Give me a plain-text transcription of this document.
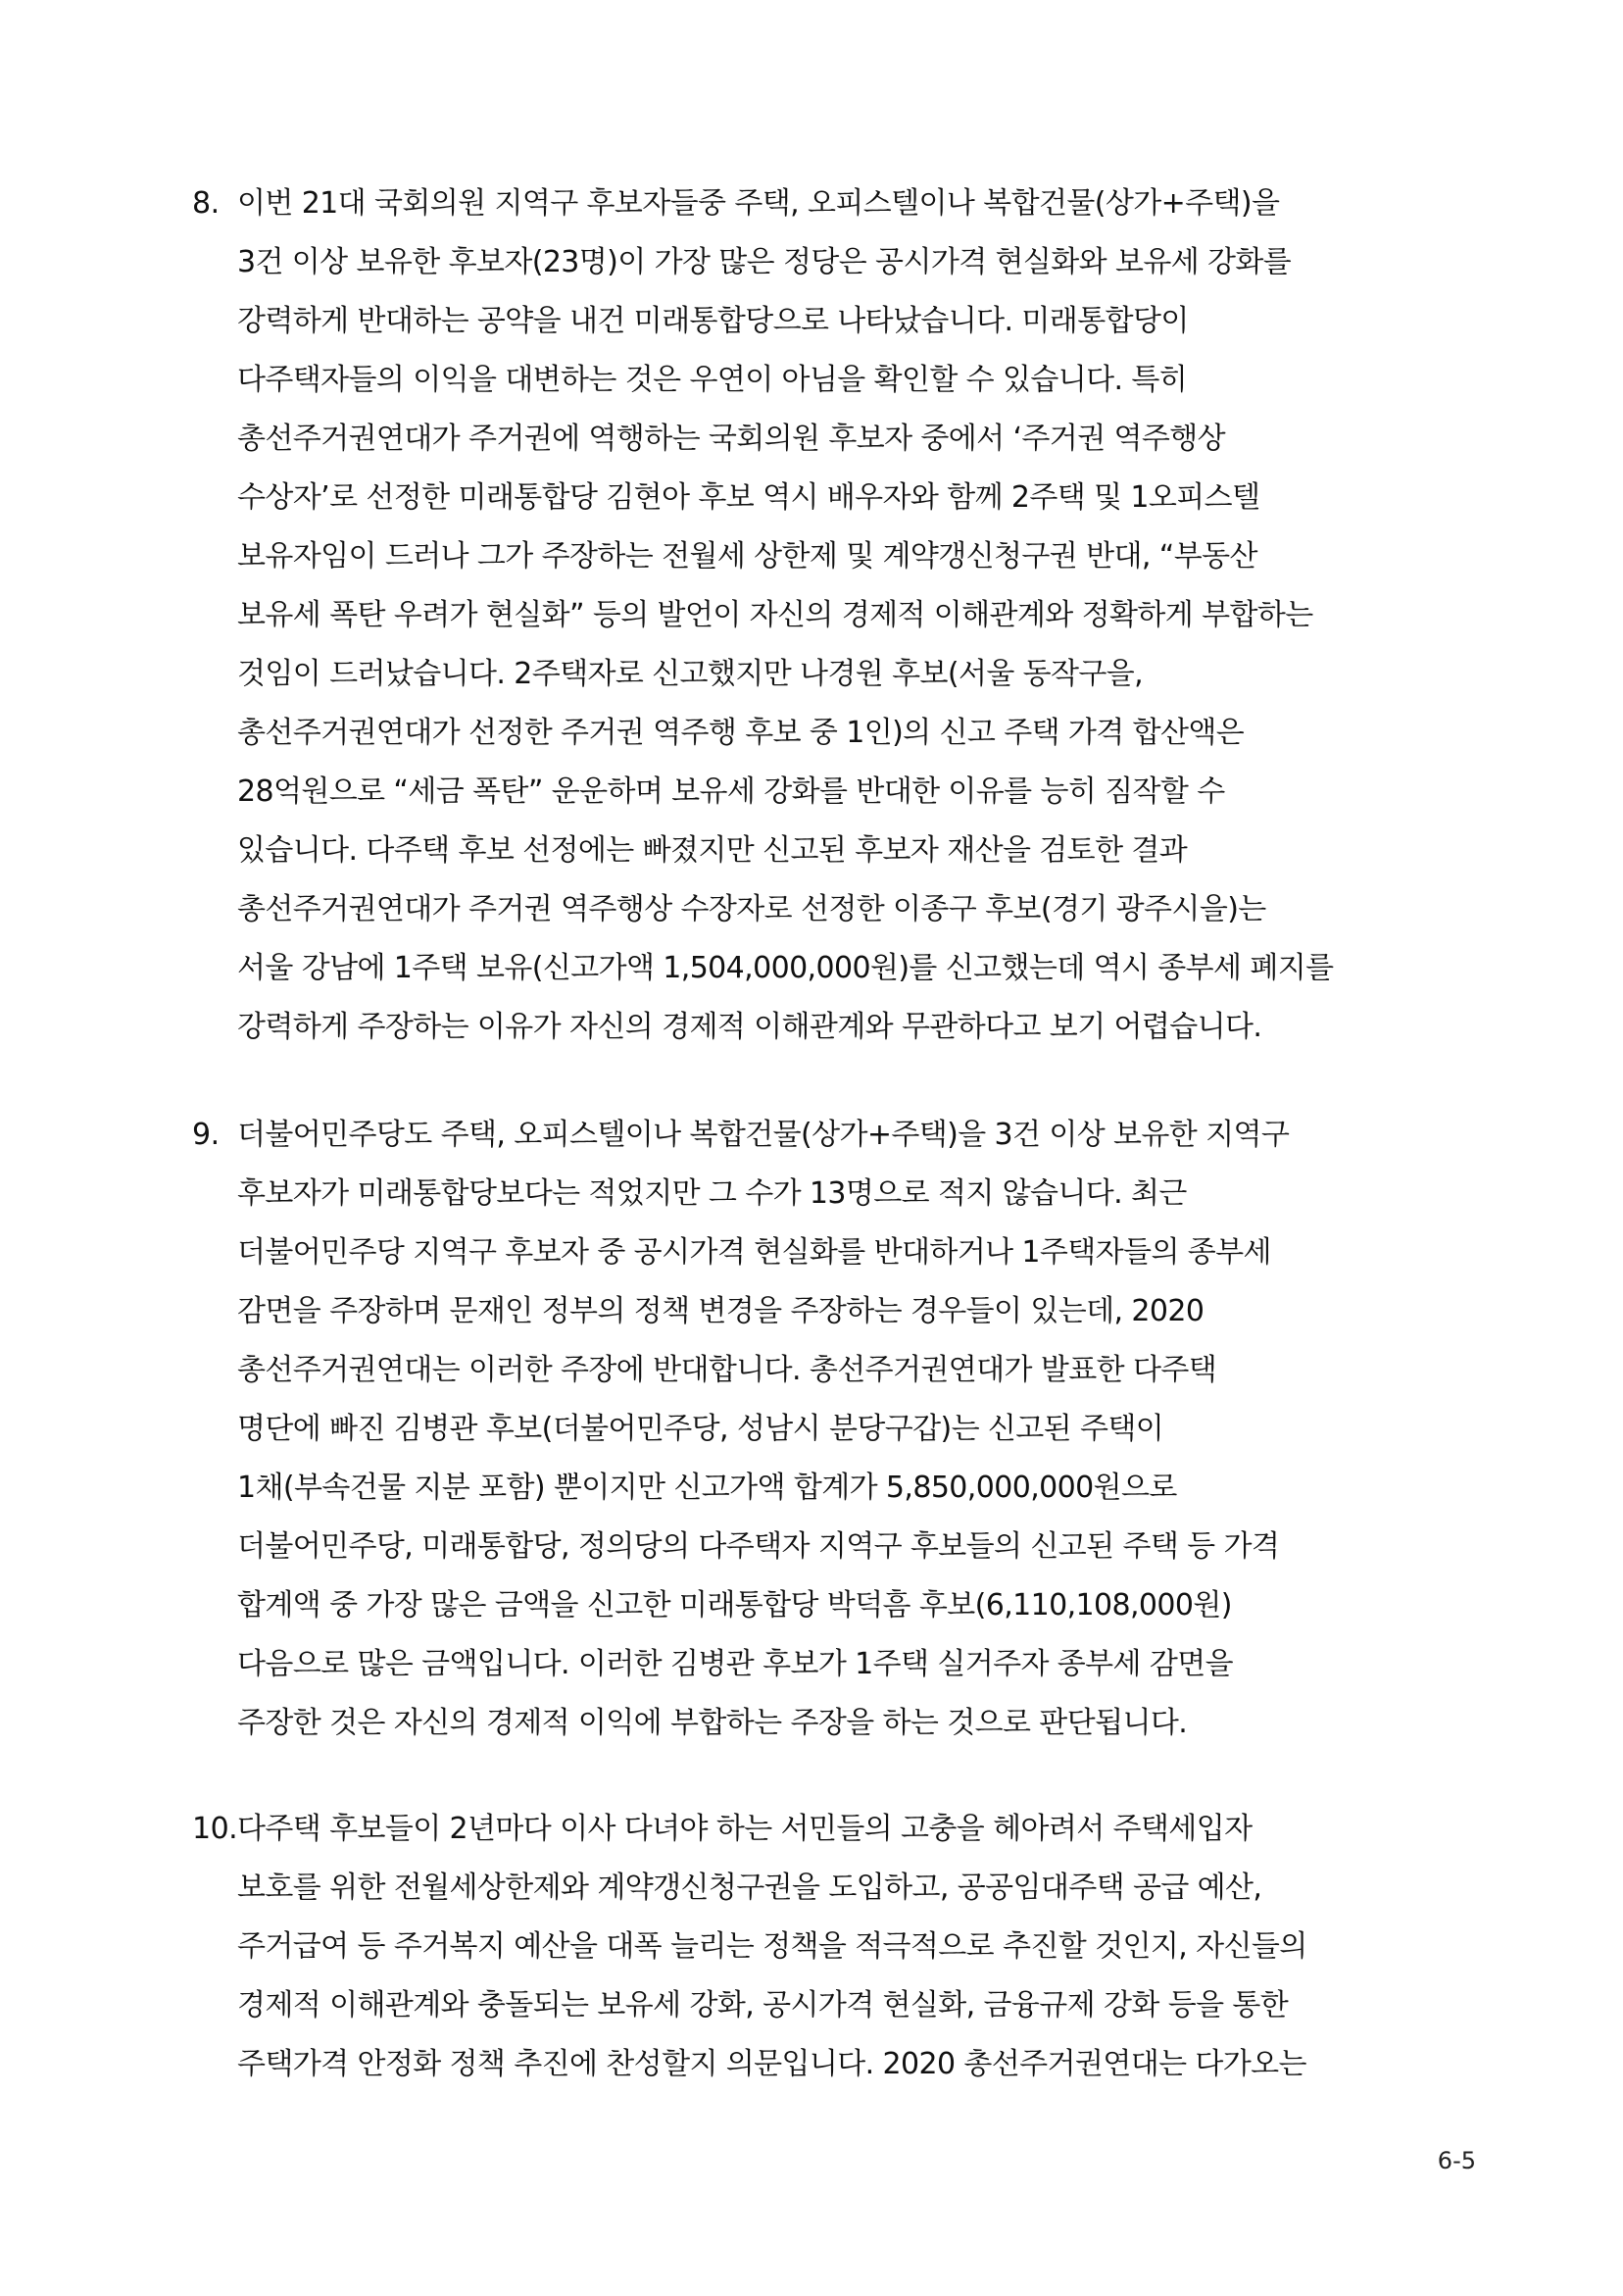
8. 이번 21대 국회의원 지역구 후보자들중 주택, 오피스텔이나 복합건물(상가+주택)을
3건 이상 보유한 후보자(23명)이 가장 많은 정당은 공시가격 현실화와 보유세 강화를
강력하게 반대하는 공약을 내건 미래통합당으로 나타났습니다. 미래통합당이
다주택자들의 이익을 대변하는 것은 우연이 아님을 확인할 수 있습니다. 특히
총선주거권연대가 주거권에 역행하는 국회의원 후보자 중에서 ‘주거권 역주행상
수상자’로 선정한 미래통합당 김현아 후보 역시 배우자와 함께 2주택 및 1오피스텔
보유자임이 드러나 그가 주장하는 전월세 상한제 및 계약갱신청구권 반대, “부동산
보유세 폭탄 우려가 현실화” 등의 발언이 자신의 경제적 이해관계와 정확하게 부합하는
것임이 드러났습니다. 2주택자로 신고했지만 나경원 후보(서울 동작구을,
총선주거권연대가 선정한 주거권 역주행 후보 중 1인)의 신고 주택 가격 합산액은
28억원으로 “세금 폭탄” 운운하며 보유세 강화를 반대한 이유를 능히 짐작할 수
있습니다. 다주택 후보 선정에는 빠졌지만 신고된 후보자 재산을 검토한 결과
총선주거권연대가 주거권 역주행상 수장자로 선정한 이종구 후보(경기 광주시을)는
서울 강남에 1주택 보유(신고가액 1,504,000,000원)를 신고했는데 역시 종부세 폐지를
강력하게 주장하는 이유가 자신의 경제적 이해관계와 무관하다고 보기 어렵습니다.
9. 더불어민주당도 주택, 오피스텔이나 복합건물(상가+주택)을 3건 이상 보유한 지역구
후보자가 미래통합당보다는 적었지만 그 수가 13명으로 적지 않습니다. 최근
더불어민주당 지역구 후보자 중 공시가격 현실화를 반대하거나 1주택자들의 종부세
감면을 주장하며 문재인 정부의 정책 변경을 주장하는 경우들이 있는데, 2020
총선주거권연대는 이러한 주장에 반대합니다. 총선주거권연대가 발표한 다주택
명단에 빠진 김병관 후보(더불어민주당, 성남시 분당구갑)는 신고된 주택이
1채(부속건물 지분 포함) 뿐이지만 신고가액 합계가 5,850,000,000원으로
더불어민주당, 미래통합당, 정의당의 다주택자 지역구 후보들의 신고된 주택 등 가격
합계액 중 가장 많은 금액을 신고한 미래통합당 박덕흠 후보(6,110,108,000원)
다음으로 많은 금액입니다. 이러한 김병관 후보가 1주택 실거주자 종부세 감면을
주장한 것은 자신의 경제적 이익에 부합하는 주장을 하는 것으로 판단됩니다.
10. 다주택 후보들이 2년마다 이사 다녀야 하는 서민들의 고충을 헤아려서 주택세입자
보호를 위한 전월세상한제와 계약갱신청구권을 도입하고, 공공임대주택 공급 예산,
주거급여 등 주거복지 예산을 대폭 늘리는 정책을 적극적으로 추진할 것인지, 자신들의
경제적 이해관계와 충돌되는 보유세 강화, 공시가격 현실화, 금융규제 강화 등을 통한
주택가격 안정화 정책 추진에 찬성할지 의문입니다. 2020 총선주거권연대는 다가오는
6-5
